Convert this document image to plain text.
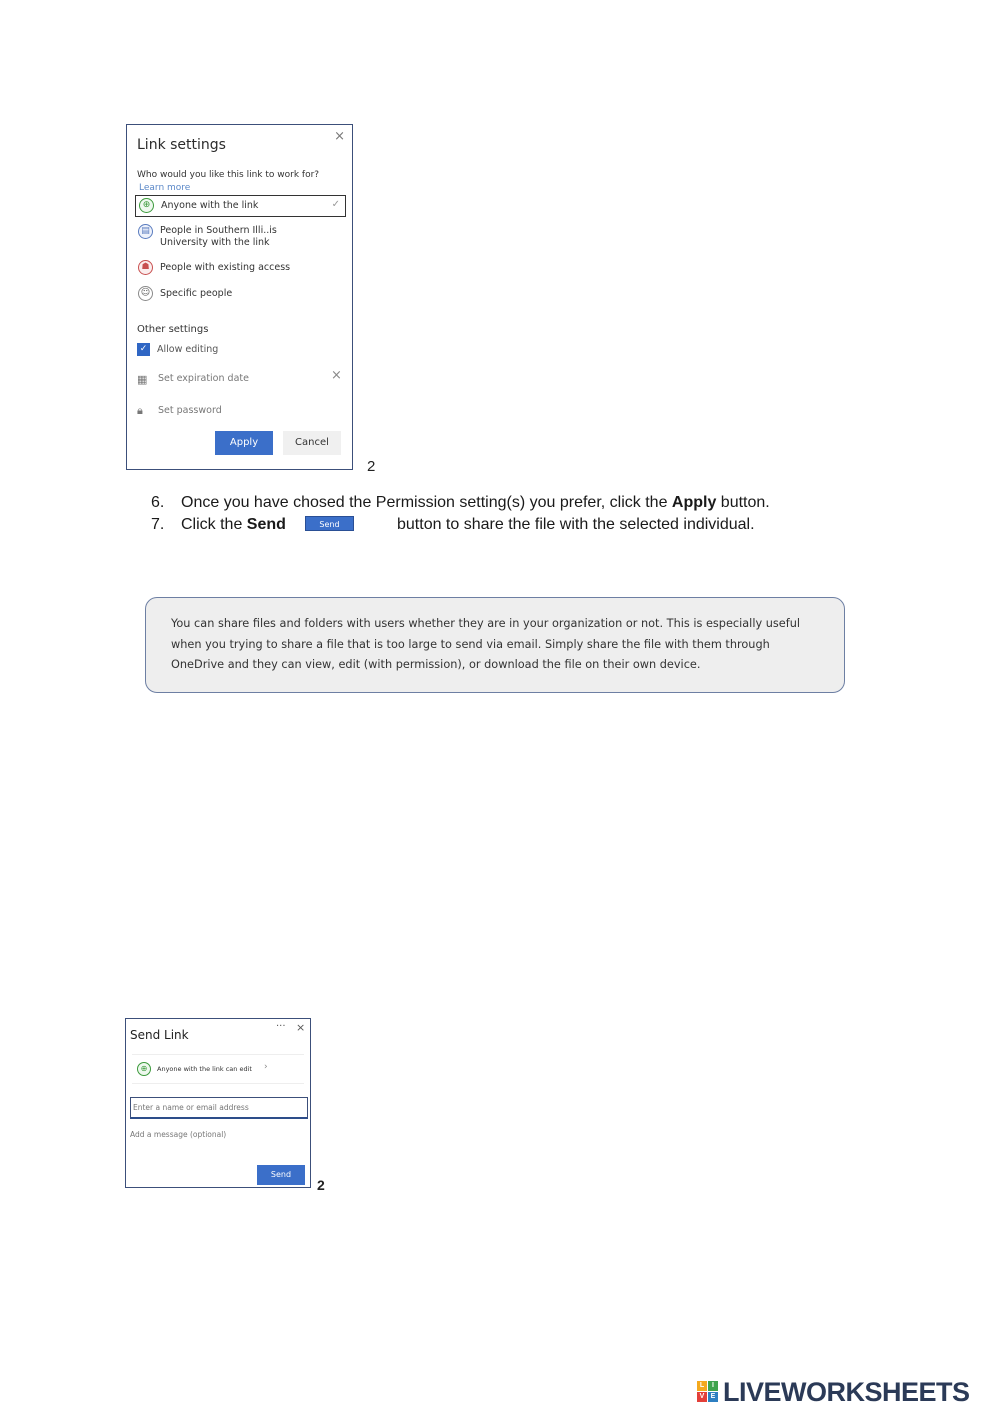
Link settings
×
Who would you like this link to work for?
Learn more
⊕	Anyone with the link	✓
▤	People in Southern Illi..is
University with the link
☗	People with existing access
☺ Specific people
Other settings
✓ Allow editing
▦ Set expiration date	×
🔒︎ Set password
Apply	Cancel
2
6. Once you have chosed the Permission setting(s) you prefer, click the Apply button.
7. Click the Send	Send	button to share the file with the selected individual.
You can share files and folders with users whether they are in your organization or not. This is especially useful when you trying to share a file that is too large to send via email. Simply share the file with them through OneDrive and they can view, edit (with permission), or download the file on their own device.
Send Link
··· ×
⊕	Anyone with the link can edit ›
Enter a name or email address
Add a message (optional)
Send
2
L	I
V E LIVEWORKSHEETS
